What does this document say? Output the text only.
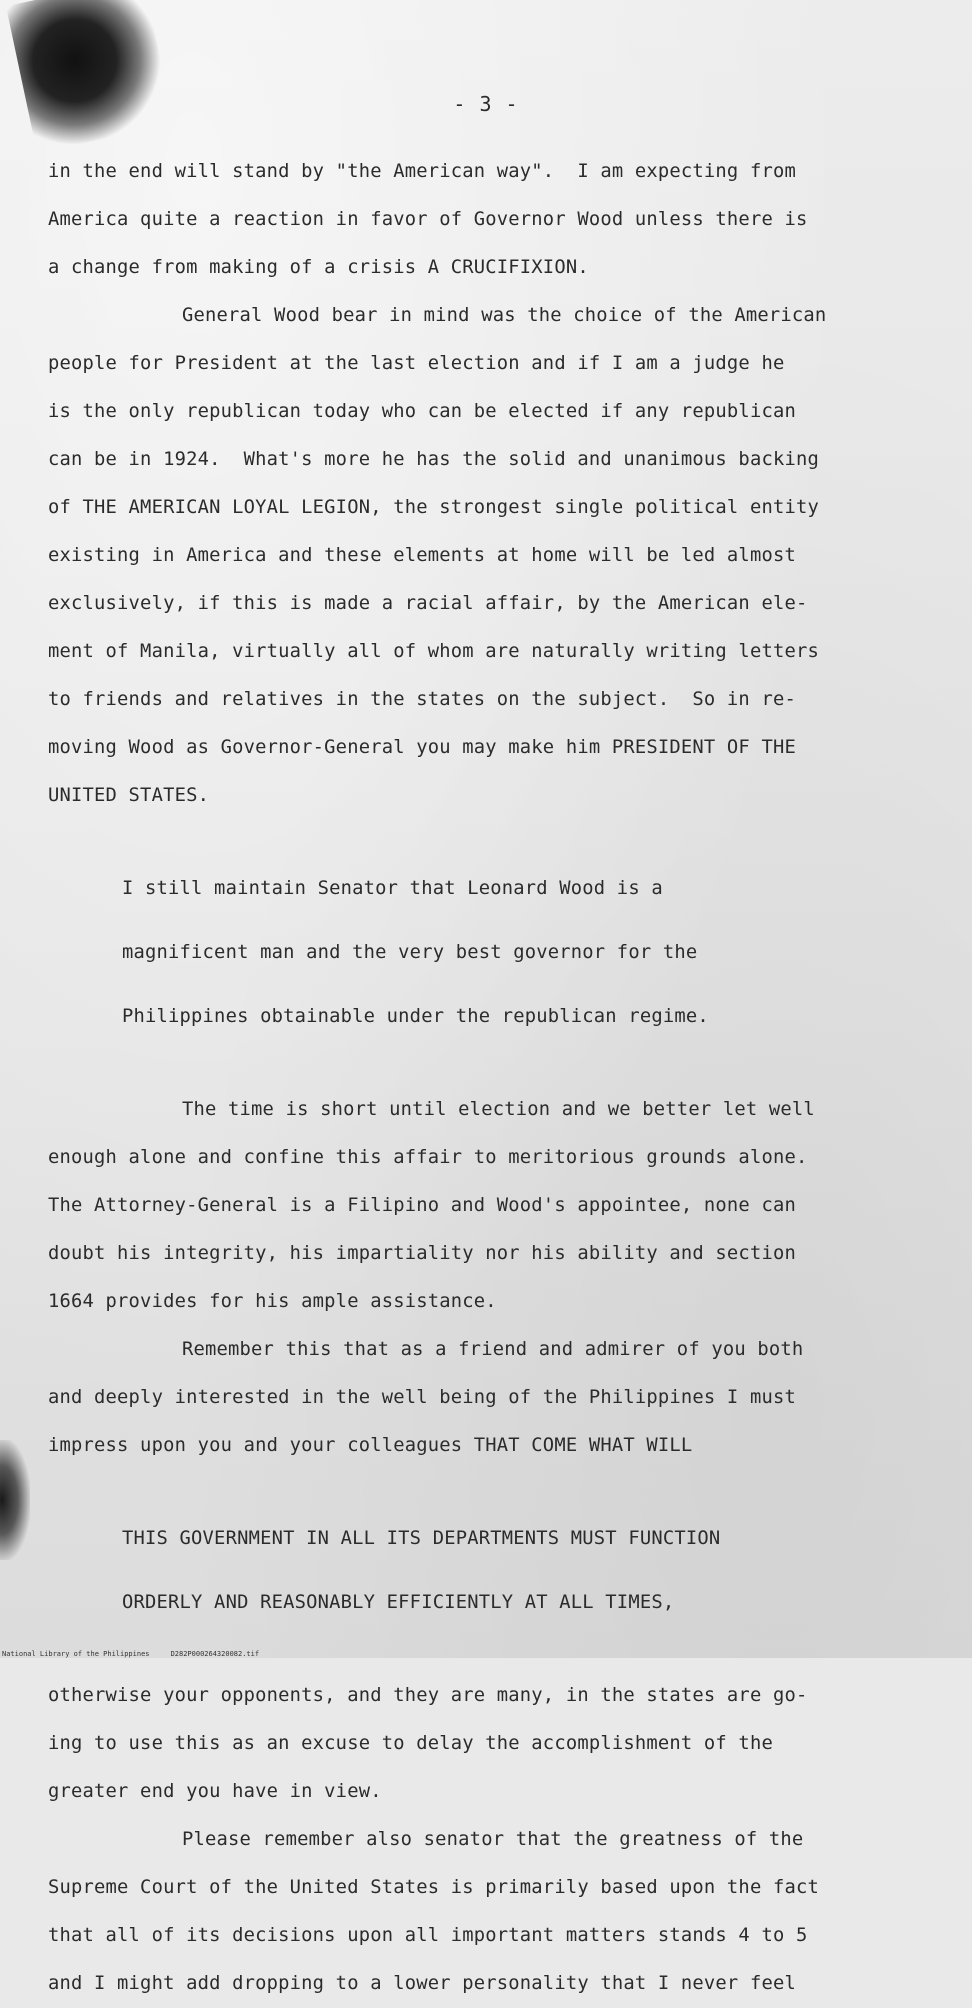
- 3 -
in the end will stand by "the American way".  I am expecting from
America quite a reaction in favor of Governor Wood unless there is
a change from making of a crisis A CRUCIFIXION.
General Wood bear in mind was the choice of the American
people for President at the last election and if I am a judge he
is the only republican today who can be elected if any republican
can be in 1924.  What's more he has the solid and unanimous backing
of THE AMERICAN LOYAL LEGION, the strongest single political entity
existing in America and these elements at home will be led almost
exclusively, if this is made a racial affair, by the American ele-
ment of Manila, virtually all of whom are naturally writing letters
to friends and relatives in the states on the subject.  So in re-
moving Wood as Governor-General you may make him PRESIDENT OF THE
UNITED STATES.

I still maintain Senator that Leonard Wood is a

magnificent man and the very best governor for the

Philippines obtainable under the republican regime.

The time is short until election and we better let well
enough alone and confine this affair to meritorious grounds alone.
The Attorney-General is a Filipino and Wood's appointee, none can
doubt his integrity, his impartiality nor his ability and section
1664 provides for his ample assistance.
Remember this that as a friend and admirer of you both
and deeply interested in the well being of the Philippines I must
impress upon you and your colleagues THAT COME WHAT WILL

THIS GOVERNMENT IN ALL ITS DEPARTMENTS MUST FUNCTION

ORDERLY AND REASONABLY EFFICIENTLY AT ALL TIMES,

otherwise your opponents, and they are many, in the states are go-
ing to use this as an excuse to delay the accomplishment of the
greater end you have in view.
Please remember also senator that the greatness of the
Supreme Court of the United States is primarily based upon the fact
that all of its decisions upon all important matters stands 4 to 5
and I might add dropping to a lower personality that I never feel
National Library of the Philippines     D282P000264320082.tif
